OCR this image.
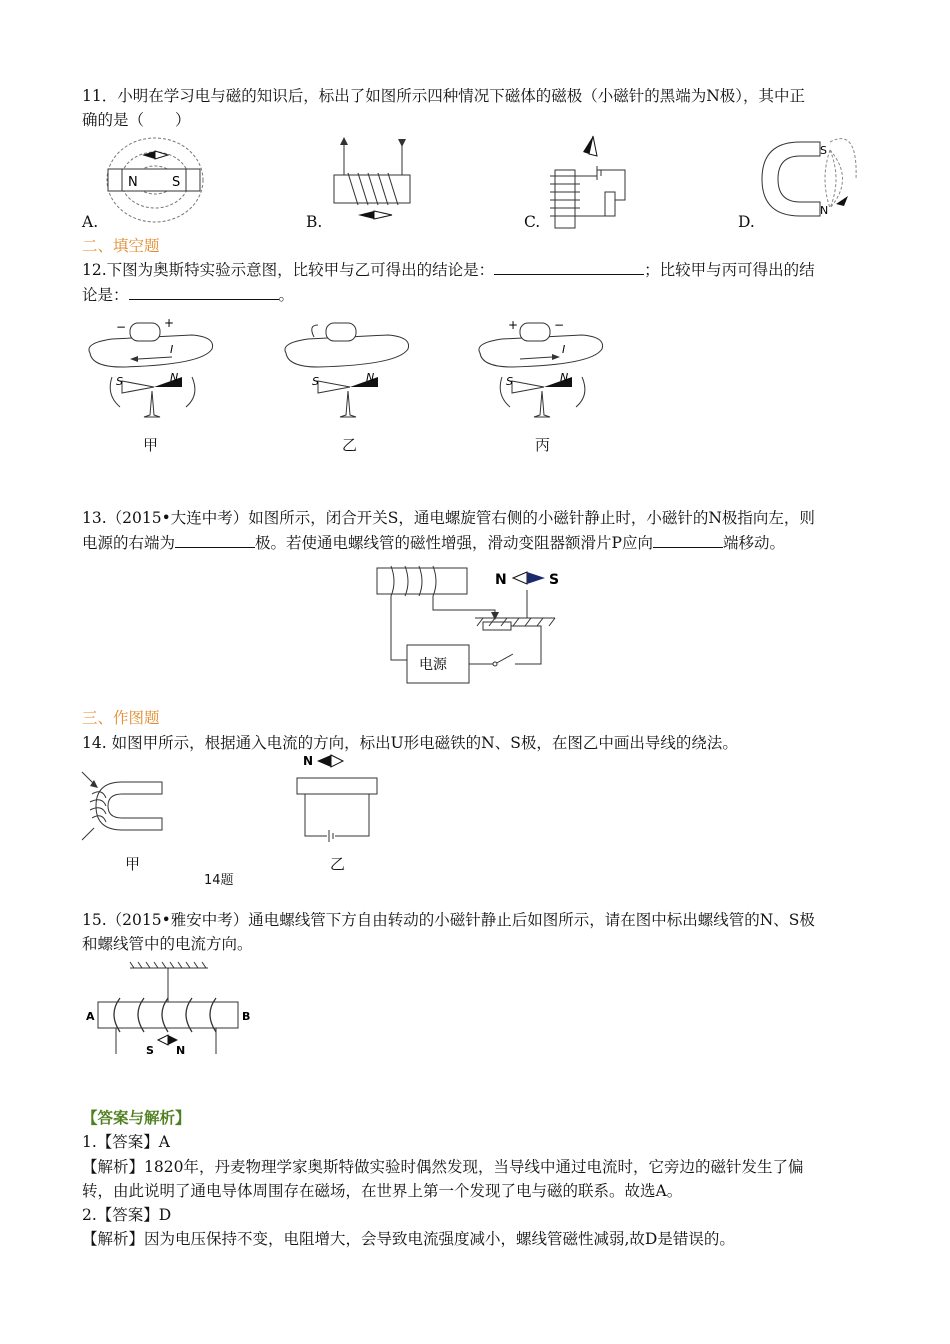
11．小明在学习电与磁的知识后，标出了如图所示四种情况下磁体的磁极（小磁针的黑端为N极），其中正
确的是（　　）
N	S
A.	B.	C.
S
N
D.
二、填空题
12.下图为奥斯特实验示意图，比较甲与乙可得出的结论是：	；比较甲与丙可得出的结
论是：	。
−	+
I
S	N
甲
S	N
乙
+	−
I
S	N
丙
13.（2015•大连中考）如图所示，闭合开关S，通电螺旋管右侧的小磁针静止时，小磁针的N极指向左，则
电源的右端为	极。若使通电螺线管的磁性增强，滑动变阻器额滑片P应向	端移动。
N	S
电源
三、作图题
14. 如图甲所示，根据通入电流的方向，标出U形电磁铁的N、S极，在图乙中画出导线的绕法。
甲
N
乙
14题
15.（2015•雅安中考）通电螺线管下方自由转动的小磁针静止后如图所示，请在图中标出螺线管的N、S极
和螺线管中的电流方向。
A	B
S N
【答案与解析】
1.【答案】A
【解析】1820年，丹麦物理学家奥斯特做实验时偶然发现，当导线中通过电流时，它旁边的磁针发生了偏
转，由此说明了通电导体周围存在磁场，在世界上第一个发现了电与磁的联系。故选A。
2.【答案】D
【解析】因为电压保持不变，电阻增大，会导致电流强度减小，螺线管磁性减弱,故D是错误的。
